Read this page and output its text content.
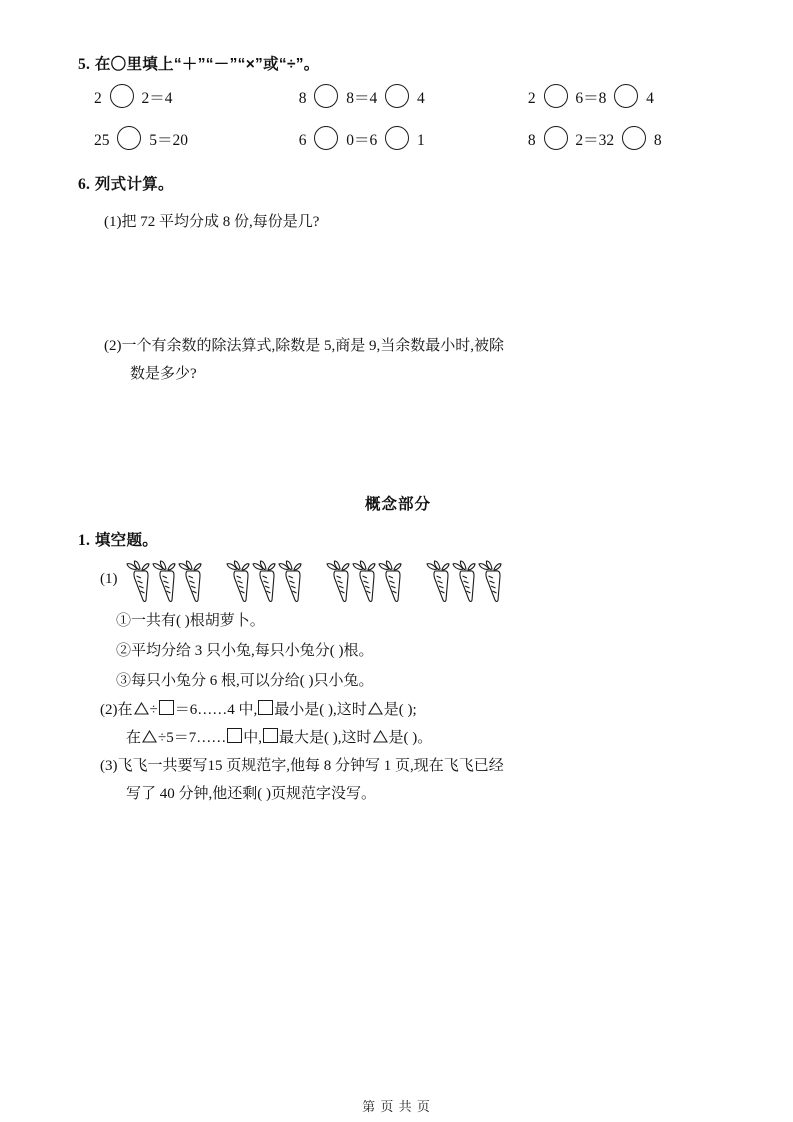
5. 在〇里填上“＋”“－”“×”或“÷”。
2	2＝4	8	8＝4	4	2	6＝8	4
25	5＝20	6	0＝6	1	8	2＝32	8
6. 列式计算。
(1)把 72 平均分成 8 份,每份是几?
(2)一个有余数的除法算式,除数是 5,商是 9,当余数最小时,被除
数是多少?
概念部分
1. 填空题。
(1)
①一共有( )根胡萝卜。
②平均分给 3 只小兔,每只小兔分( )根。
③每只小兔分 6 根,可以分给( )只小兔。
(2)在 ÷ ＝6……4 中, 最小是( ),这时 是( );
在 ÷5＝7…… 中, 最大是( ),这时 是( )。
(3)飞飞一共要写15 页规范字,他每 8 分钟写 1 页,现在飞飞已经
写了 40 分钟,他还剩( )页规范字没写。
第 页 共 页
